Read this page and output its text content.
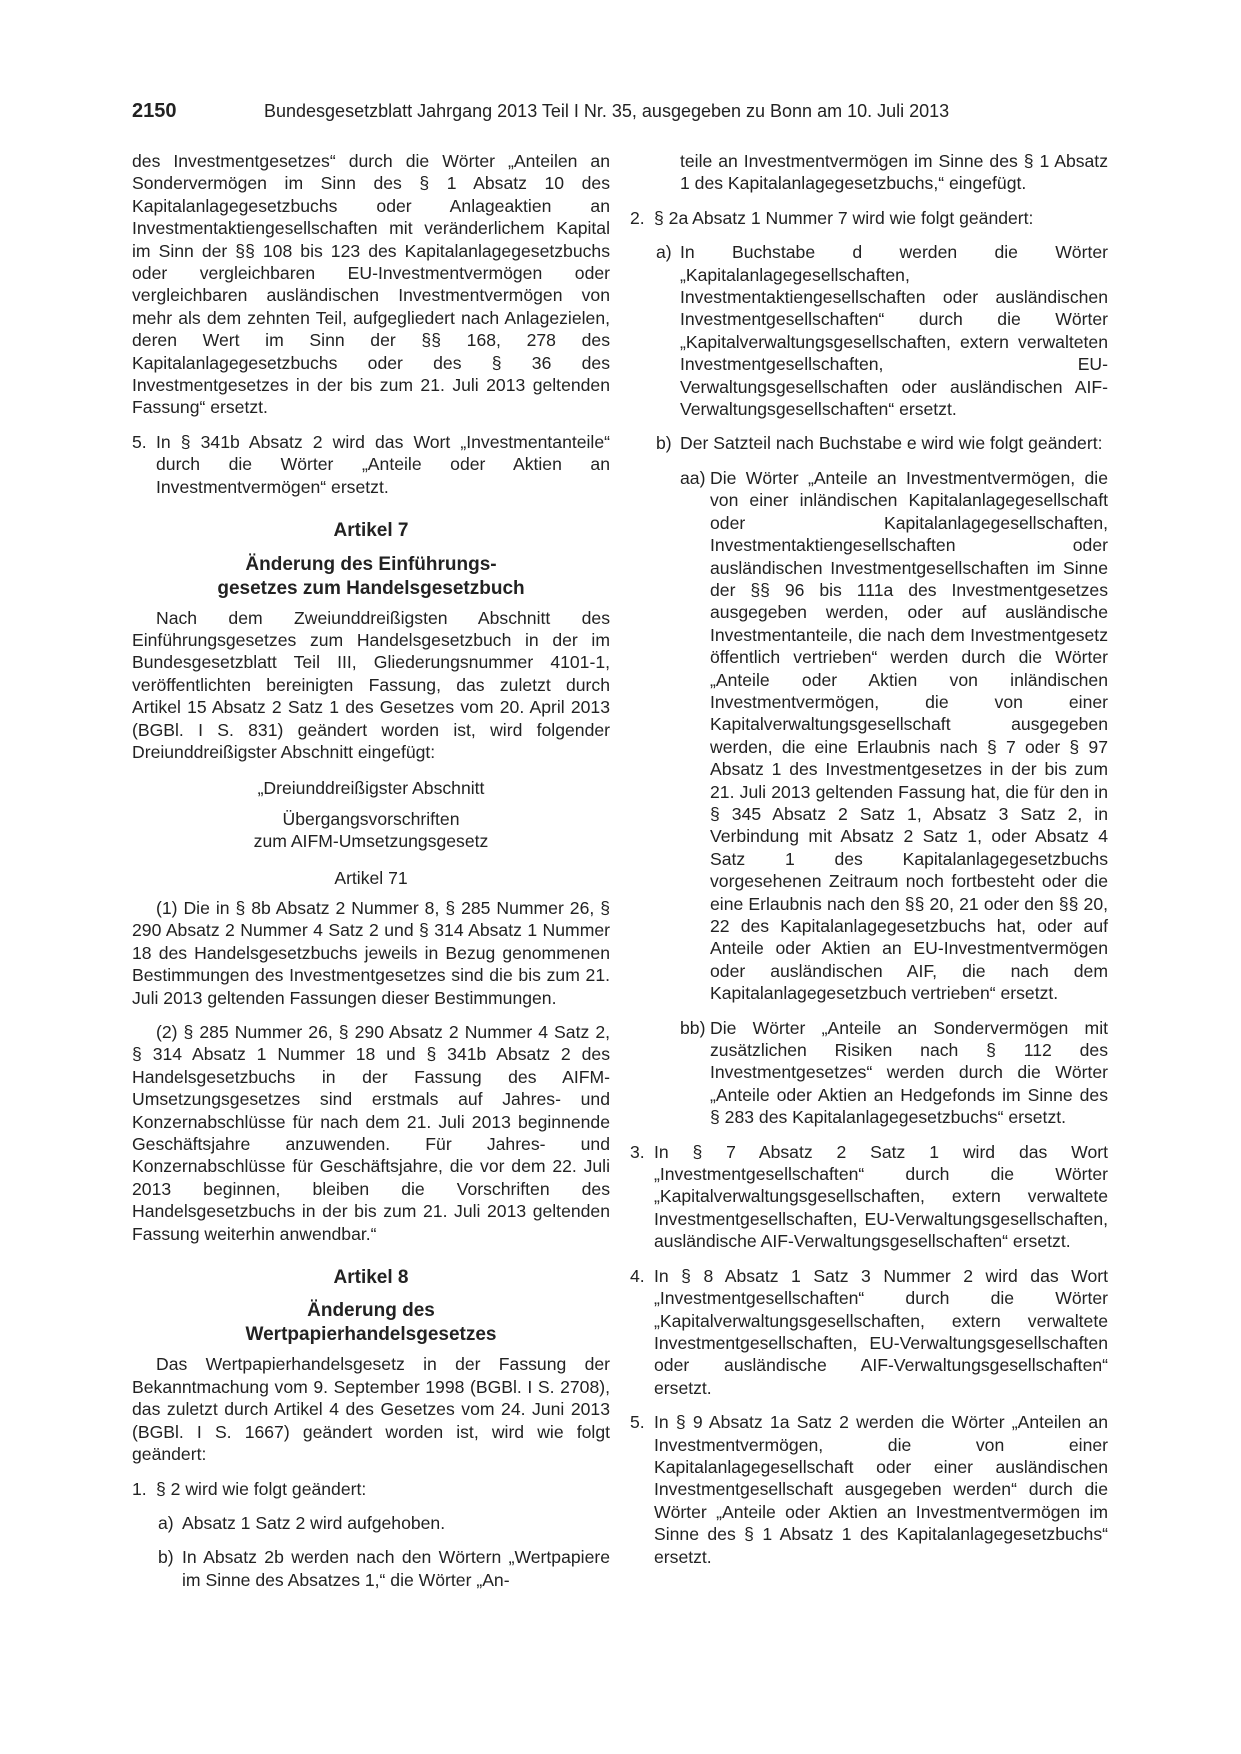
2150	Bundesgesetzblatt Jahrgang 2013 Teil I Nr. 35, ausgegeben zu Bonn am 10. Juli 2013

des Investmentgesetzes“ durch die Wörter „Anteilen an Sondervermögen im Sinn des § 1 Absatz 10 des Kapitalanlagegesetzbuchs oder Anlageaktien an Investmentaktiengesellschaften mit veränderlichem Kapital im Sinn der §§ 108 bis 123 des Kapitalanlagegesetzbuchs oder vergleichbaren EU-Investmentvermögen oder vergleichbaren ausländischen Investmentvermögen von mehr als dem zehnten Teil, aufgegliedert nach Anlagezielen, deren Wert im Sinn der §§ 168, 278 des Kapitalanlagegesetzbuchs oder des § 36 des Investmentgesetzes in der bis zum 21. Juli 2013 geltenden Fassung“ ersetzt.

5. In § 341b Absatz 2 wird das Wort „Investmentanteile“ durch die Wörter „Anteile oder Aktien an Investmentvermögen“ ersetzt.
Artikel 7
Änderung des Einführungs-
gesetzes zum Handelsgesetzbuch

Nach dem Zweiunddreißigsten Abschnitt des Einführungsgesetzes zum Handelsgesetzbuch in der im Bundesgesetzblatt Teil III, Gliederungsnummer 4101-1, veröffentlichten bereinigten Fassung, das zuletzt durch Artikel 15 Absatz 2 Satz 1 des Gesetzes vom 20. April 2013 (BGBl. I S. 831) geändert worden ist, wird folgender Dreiunddreißigster Abschnitt eingefügt:

„Dreiunddreißigster Abschnitt
Übergangsvorschriften
zum AIFM-Umsetzungsgesetz
Artikel 71

(1) Die in § 8b Absatz 2 Nummer 8, § 285 Nummer 26, § 290 Absatz 2 Nummer 4 Satz 2 und § 314 Absatz 1 Nummer 18 des Handelsgesetzbuchs jeweils in Bezug genommenen Bestimmungen des Investmentgesetzes sind die bis zum 21. Juli 2013 geltenden Fassungen dieser Bestimmungen.

(2) § 285 Nummer 26, § 290 Absatz 2 Nummer 4 Satz 2, § 314 Absatz 1 Nummer 18 und § 341b Absatz 2 des Handelsgesetzbuchs in der Fassung des AIFM-Umsetzungsgesetzes sind erstmals auf Jahres- und Konzernabschlüsse für nach dem 21. Juli 2013 beginnende Geschäftsjahre anzuwenden. Für Jahres- und Konzernabschlüsse für Geschäftsjahre, die vor dem 22. Juli 2013 beginnen, bleiben die Vorschriften des Handelsgesetzbuchs in der bis zum 21. Juli 2013 geltenden Fassung weiterhin anwendbar.“

Artikel 8
Änderung des
Wertpapierhandelsgesetzes

Das Wertpapierhandelsgesetz in der Fassung der Bekanntmachung vom 9. September 1998 (BGBl. I S. 2708), das zuletzt durch Artikel 4 des Gesetzes vom 24. Juni 2013 (BGBl. I S. 1667) geändert worden ist, wird wie folgt geändert:

1. § 2 wird wie folgt geändert:
a) Absatz 1 Satz 2 wird aufgehoben.
b) In Absatz 2b werden nach den Wörtern „Wertpapiere im Sinne des Absatzes 1,“ die Wörter „An-

teile an Investmentvermögen im Sinne des § 1 Absatz 1 des Kapitalanlagegesetzbuchs,“ eingefügt.

2. § 2a Absatz 1 Nummer 7 wird wie folgt geändert:
a) In Buchstabe d werden die Wörter „Kapitalanlagegesellschaften, Investmentaktiengesellschaften oder ausländischen Investmentgesellschaften“ durch die Wörter „Kapitalverwaltungsgesellschaften, extern verwalteten Investmentgesellschaften, EU-Verwaltungsgesellschaften oder ausländischen AIF-Verwaltungsgesellschaften“ ersetzt.
b) Der Satzteil nach Buchstabe e wird wie folgt geändert:
aa) Die Wörter „Anteile an Investmentvermögen, die von einer inländischen Kapitalanlagegesellschaft oder Kapitalanlagegesellschaften, Investmentaktiengesellschaften oder ausländischen Investmentgesellschaften im Sinne der §§ 96 bis 111a des Investmentgesetzes ausgegeben werden, oder auf ausländische Investmentanteile, die nach dem Investmentgesetz öffentlich vertrieben“ werden durch die Wörter „Anteile oder Aktien von inländischen Investmentvermögen, die von einer Kapitalverwaltungsgesellschaft ausgegeben werden, die eine Erlaubnis nach § 7 oder § 97 Absatz 1 des Investmentgesetzes in der bis zum 21. Juli 2013 geltenden Fassung hat, die für den in § 345 Absatz 2 Satz 1, Absatz 3 Satz 2, in Verbindung mit Absatz 2 Satz 1, oder Absatz 4 Satz 1 des Kapitalanlagegesetzbuchs vorgesehenen Zeitraum noch fortbesteht oder die eine Erlaubnis nach den §§ 20, 21 oder den §§ 20, 22 des Kapitalanlagegesetzbuchs hat, oder auf Anteile oder Aktien an EU-Investmentvermögen oder ausländischen AIF, die nach dem Kapitalanlagegesetzbuch vertrieben“ ersetzt.
bb) Die Wörter „Anteile an Sondervermögen mit zusätzlichen Risiken nach § 112 des Investmentgesetzes“ werden durch die Wörter „Anteile oder Aktien an Hedgefonds im Sinne des § 283 des Kapitalanlagegesetzbuchs“ ersetzt.
3. In § 7 Absatz 2 Satz 1 wird das Wort „Investmentgesellschaften“ durch die Wörter „Kapitalverwaltungsgesellschaften, extern verwaltete Investmentgesellschaften, EU-Verwaltungsgesellschaften, ausländische AIF-Verwaltungsgesellschaften“ ersetzt.
4. In § 8 Absatz 1 Satz 3 Nummer 2 wird das Wort „Investmentgesellschaften“ durch die Wörter „Kapitalverwaltungsgesellschaften, extern verwaltete Investmentgesellschaften, EU-Verwaltungsgesellschaften oder ausländische AIF-Verwaltungsgesellschaften“ ersetzt.
5. In § 9 Absatz 1a Satz 2 werden die Wörter „Anteilen an Investmentvermögen, die von einer Kapitalanlagegesellschaft oder einer ausländischen Investmentgesellschaft ausgegeben werden“ durch die Wörter „Anteile oder Aktien an Investmentvermögen im Sinne des § 1 Absatz 1 des Kapitalanlagegesetzbuchs“ ersetzt.
